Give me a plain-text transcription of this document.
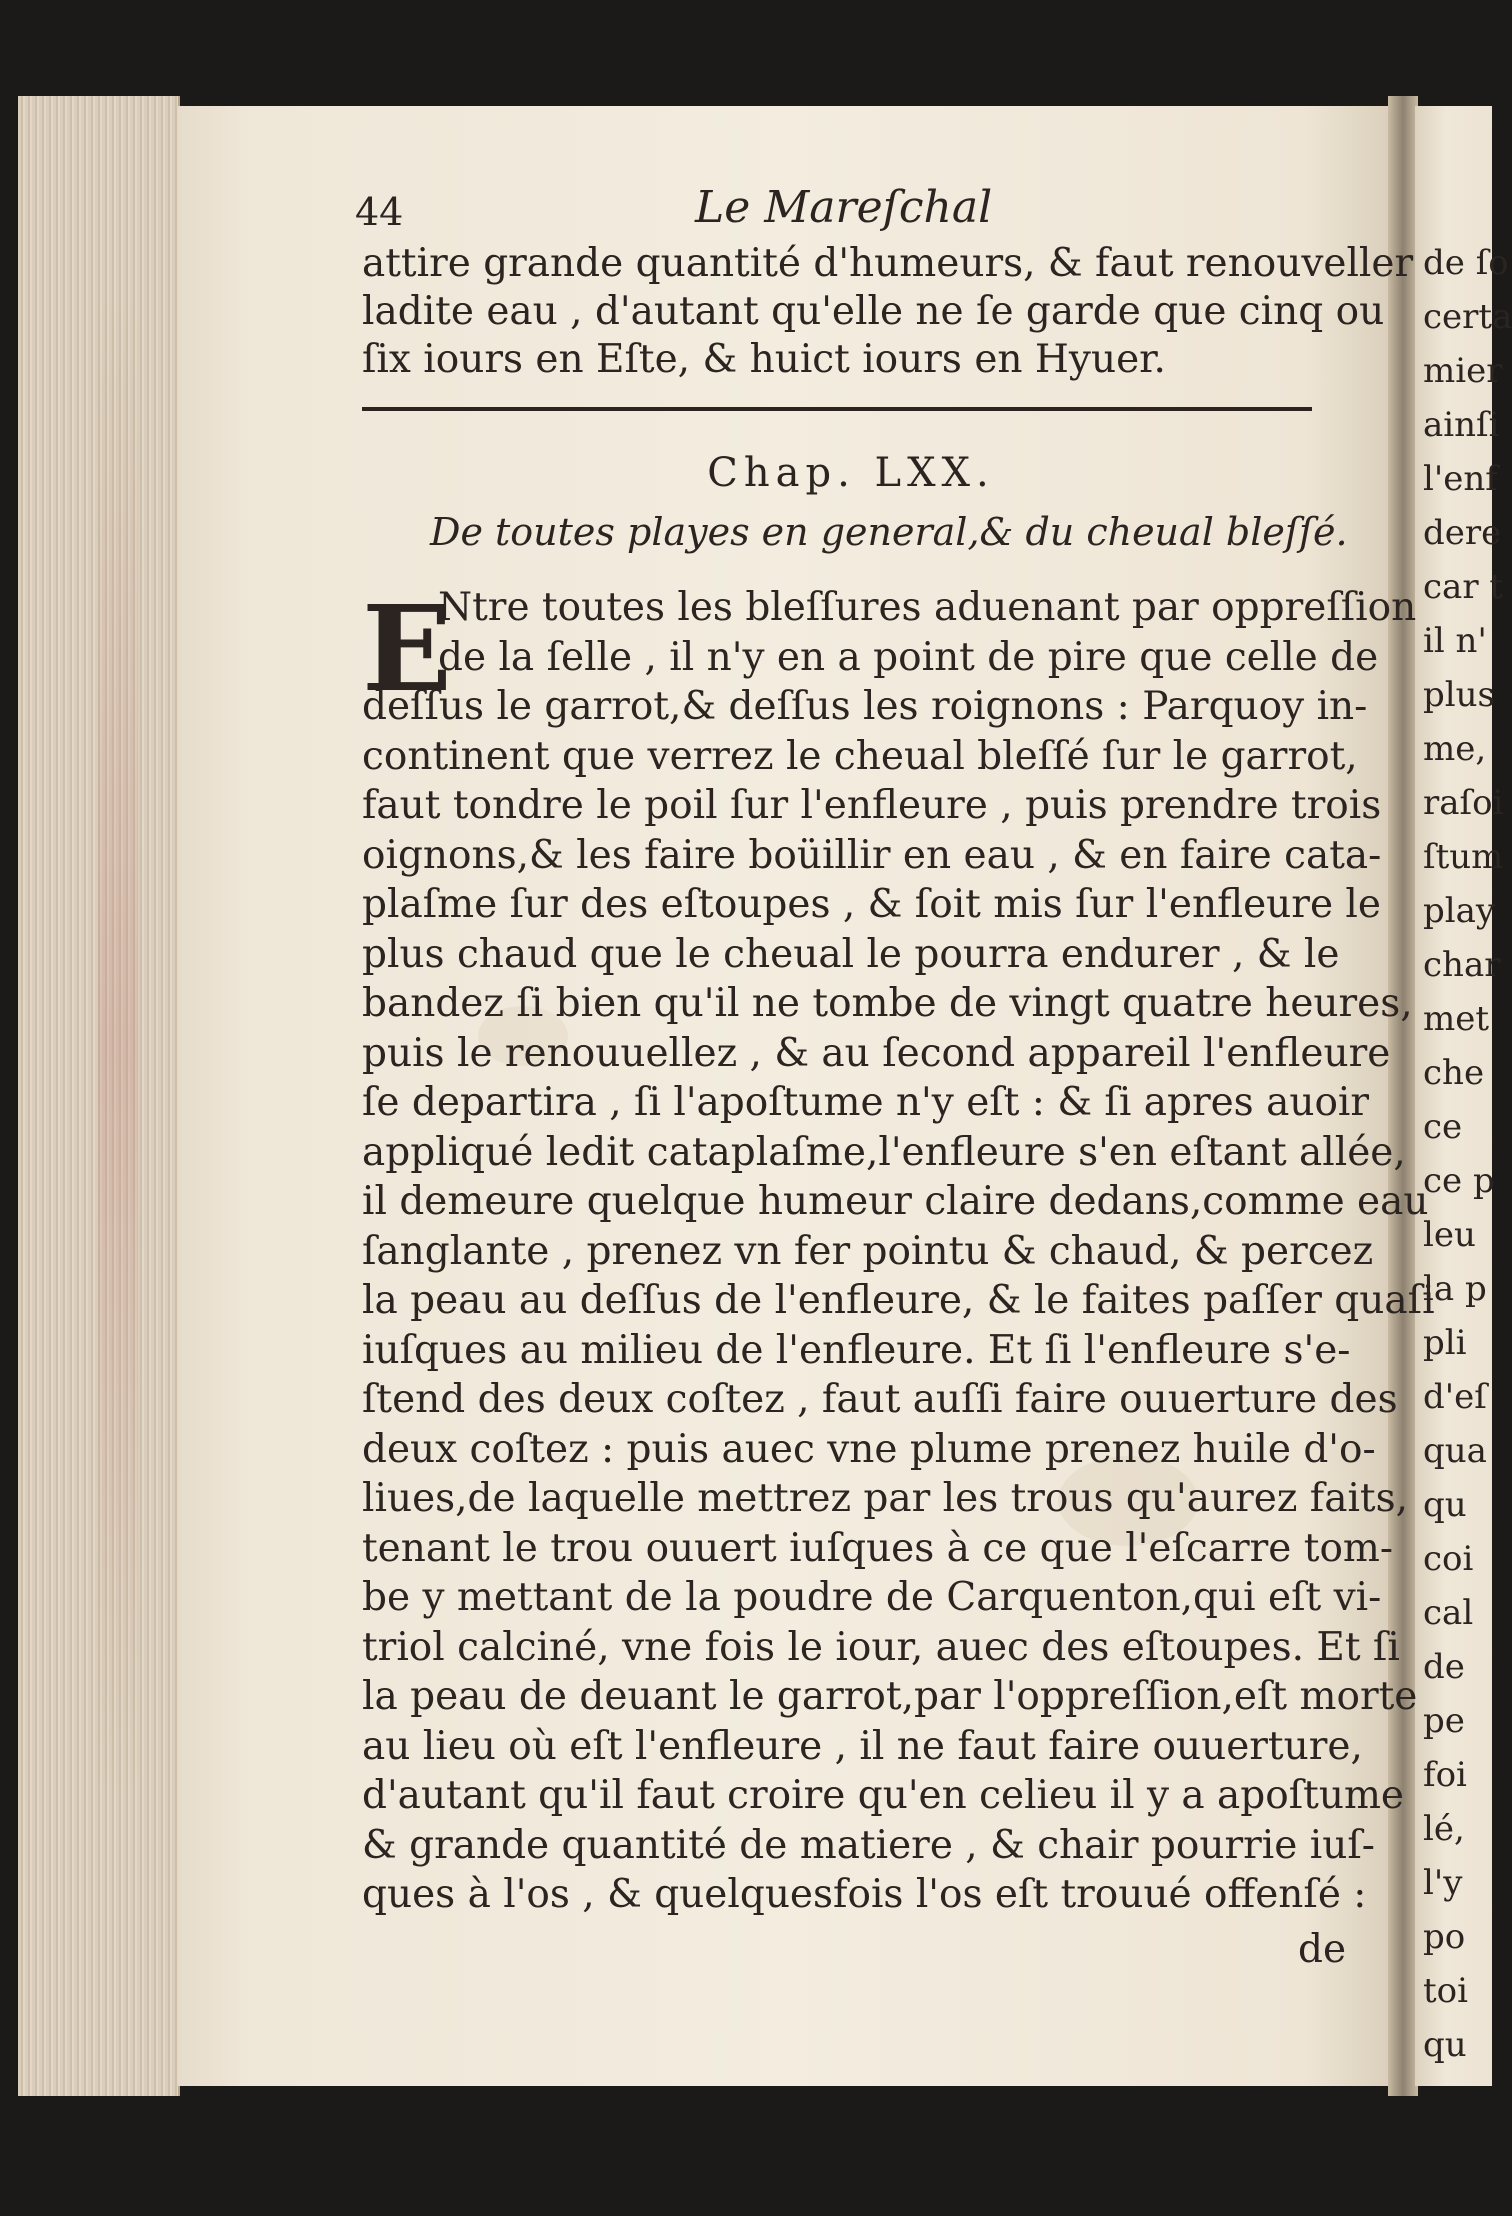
de ſo
certa
mier
ainſi
l'enf
dere
car t
il n'
plus
me,
raſoi
ſtum
play
char
met
che
ce
ce p
leu
la p
pli
d'eſ
qua
qu
coi
cal
de
pe
foi
lé,
l'y
po
toi
qu
44	Le Mareſchal
attire grande quantité d'humeurs, & faut renouveller
ladite eau , d'autant qu'elle ne ſe garde que cinq ou
ſix iours en Eſte, & huict iours en Hyuer.
Chap. LXX.
De toutes playes en general,& du cheual bleſſé.
E
Ntre toutes les bleſſures aduenant par oppreſſion
de la ſelle , il n'y en a point de pire que celle de
deſſus le garrot,& deſſus les roignons : Parquoy in-
continent que verrez le cheual bleſſé ſur le garrot,
faut tondre le poil ſur l'enfleure , puis prendre trois
oignons,& les faire boüillir en eau , & en faire cata-
plaſme ſur des eſtoupes , & ſoit mis ſur l'enfleure le
plus chaud que le cheual le pourra endurer , & le
bandez ſi bien qu'il ne tombe de vingt quatre heures,
puis le renouuellez , & au ſecond appareil l'enfleure
ſe departira , ſi l'apoſtume n'y eſt : & ſi apres auoir
appliqué ledit cataplaſme,l'enfleure s'en eſtant allée,
il demeure quelque humeur claire dedans,comme eau
ſanglante , prenez vn fer pointu & chaud, & percez
la peau au deſſus de l'enfleure, & le faites paſſer quaſi
iuſques au milieu de l'enfleure. Et ſi l'enfleure s'e-
ſtend des deux coſtez , faut auſſi faire ouuerture des
deux coſtez : puis auec vne plume prenez huile d'o-
liues,de laquelle mettrez par les trous qu'aurez faits,
tenant le trou ouuert iuſques à ce que l'eſcarre tom-
be y mettant de la poudre de Carquenton,qui eſt vi-
triol calciné, vne fois le iour, auec des eſtoupes. Et ſi
la peau de deuant le garrot,par l'oppreſſion,eſt morte
au lieu où eſt l'enfleure , il ne faut faire ouuerture,
d'autant qu'il faut croire qu'en celieu il y a apoſtume
& grande quantité de matiere , & chair pourrie iuſ-
ques à l'os , & quelquesfois l'os eſt trouué offenſé :
de
